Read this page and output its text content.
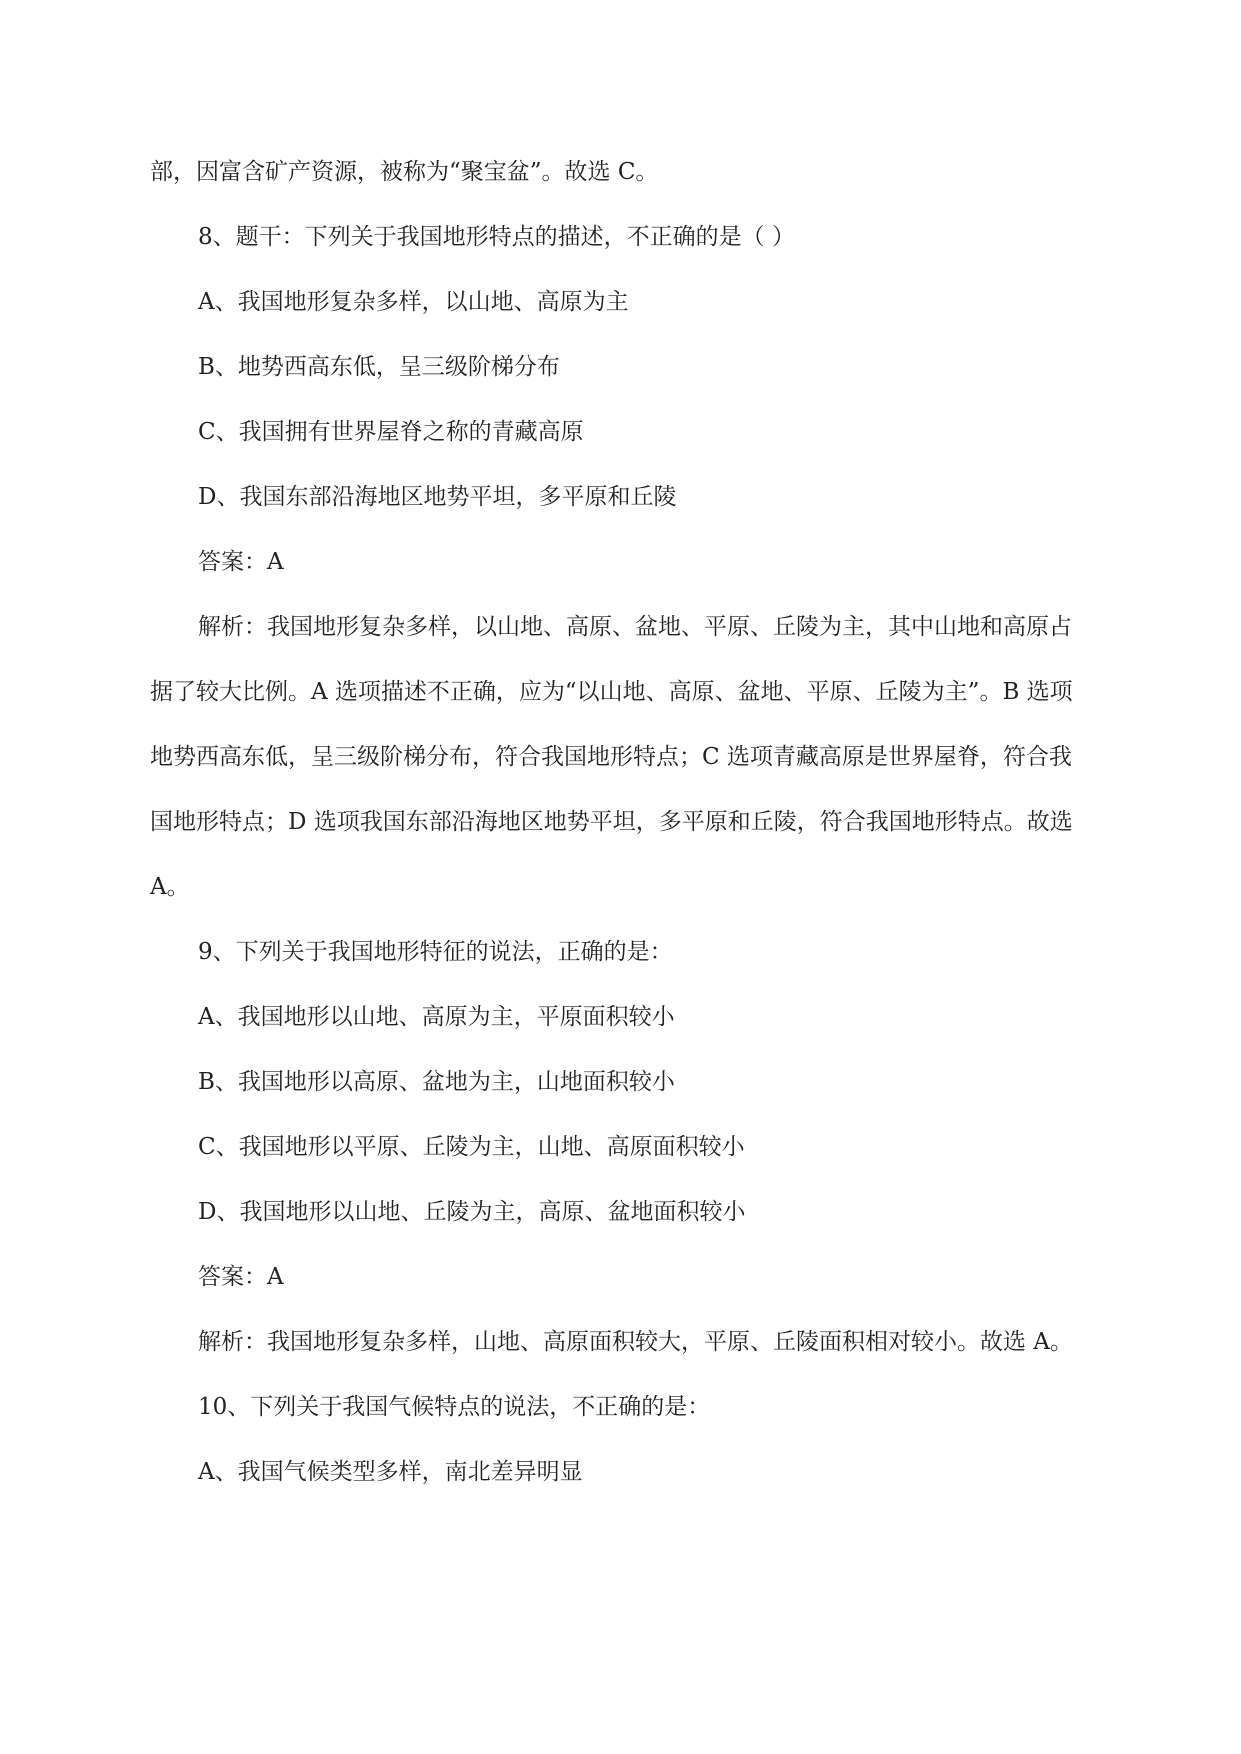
部，因富含矿产资源，被称为“聚宝盆”。故选 C。

8、题干：下列关于我国地形特点的描述，不正确的是（ ）

A、我国地形复杂多样，以山地、高原为主

B、地势西高东低，呈三级阶梯分布

C、我国拥有世界屋脊之称的青藏高原

D、我国东部沿海地区地势平坦，多平原和丘陵

答案：A

解析：我国地形复杂多样，以山地、高原、盆地、平原、丘陵为主，其中山地和高原占据了较大比例。A 选项描述不正确，应为“以山地、高原、盆地、平原、丘陵为主”。B 选项地势西高东低，呈三级阶梯分布，符合我国地形特点；C 选项青藏高原是世界屋脊，符合我国地形特点；D 选项我国东部沿海地区地势平坦，多平原和丘陵，符合我国地形特点。故选 A。

9、下列关于我国地形特征的说法，正确的是：

A、我国地形以山地、高原为主，平原面积较小

B、我国地形以高原、盆地为主，山地面积较小

C、我国地形以平原、丘陵为主，山地、高原面积较小

D、我国地形以山地、丘陵为主，高原、盆地面积较小

答案：A

解析：我国地形复杂多样，山地、高原面积较大，平原、丘陵面积相对较小。故选 A。

10、下列关于我国气候特点的说法，不正确的是：

A、我国气候类型多样，南北差异明显
